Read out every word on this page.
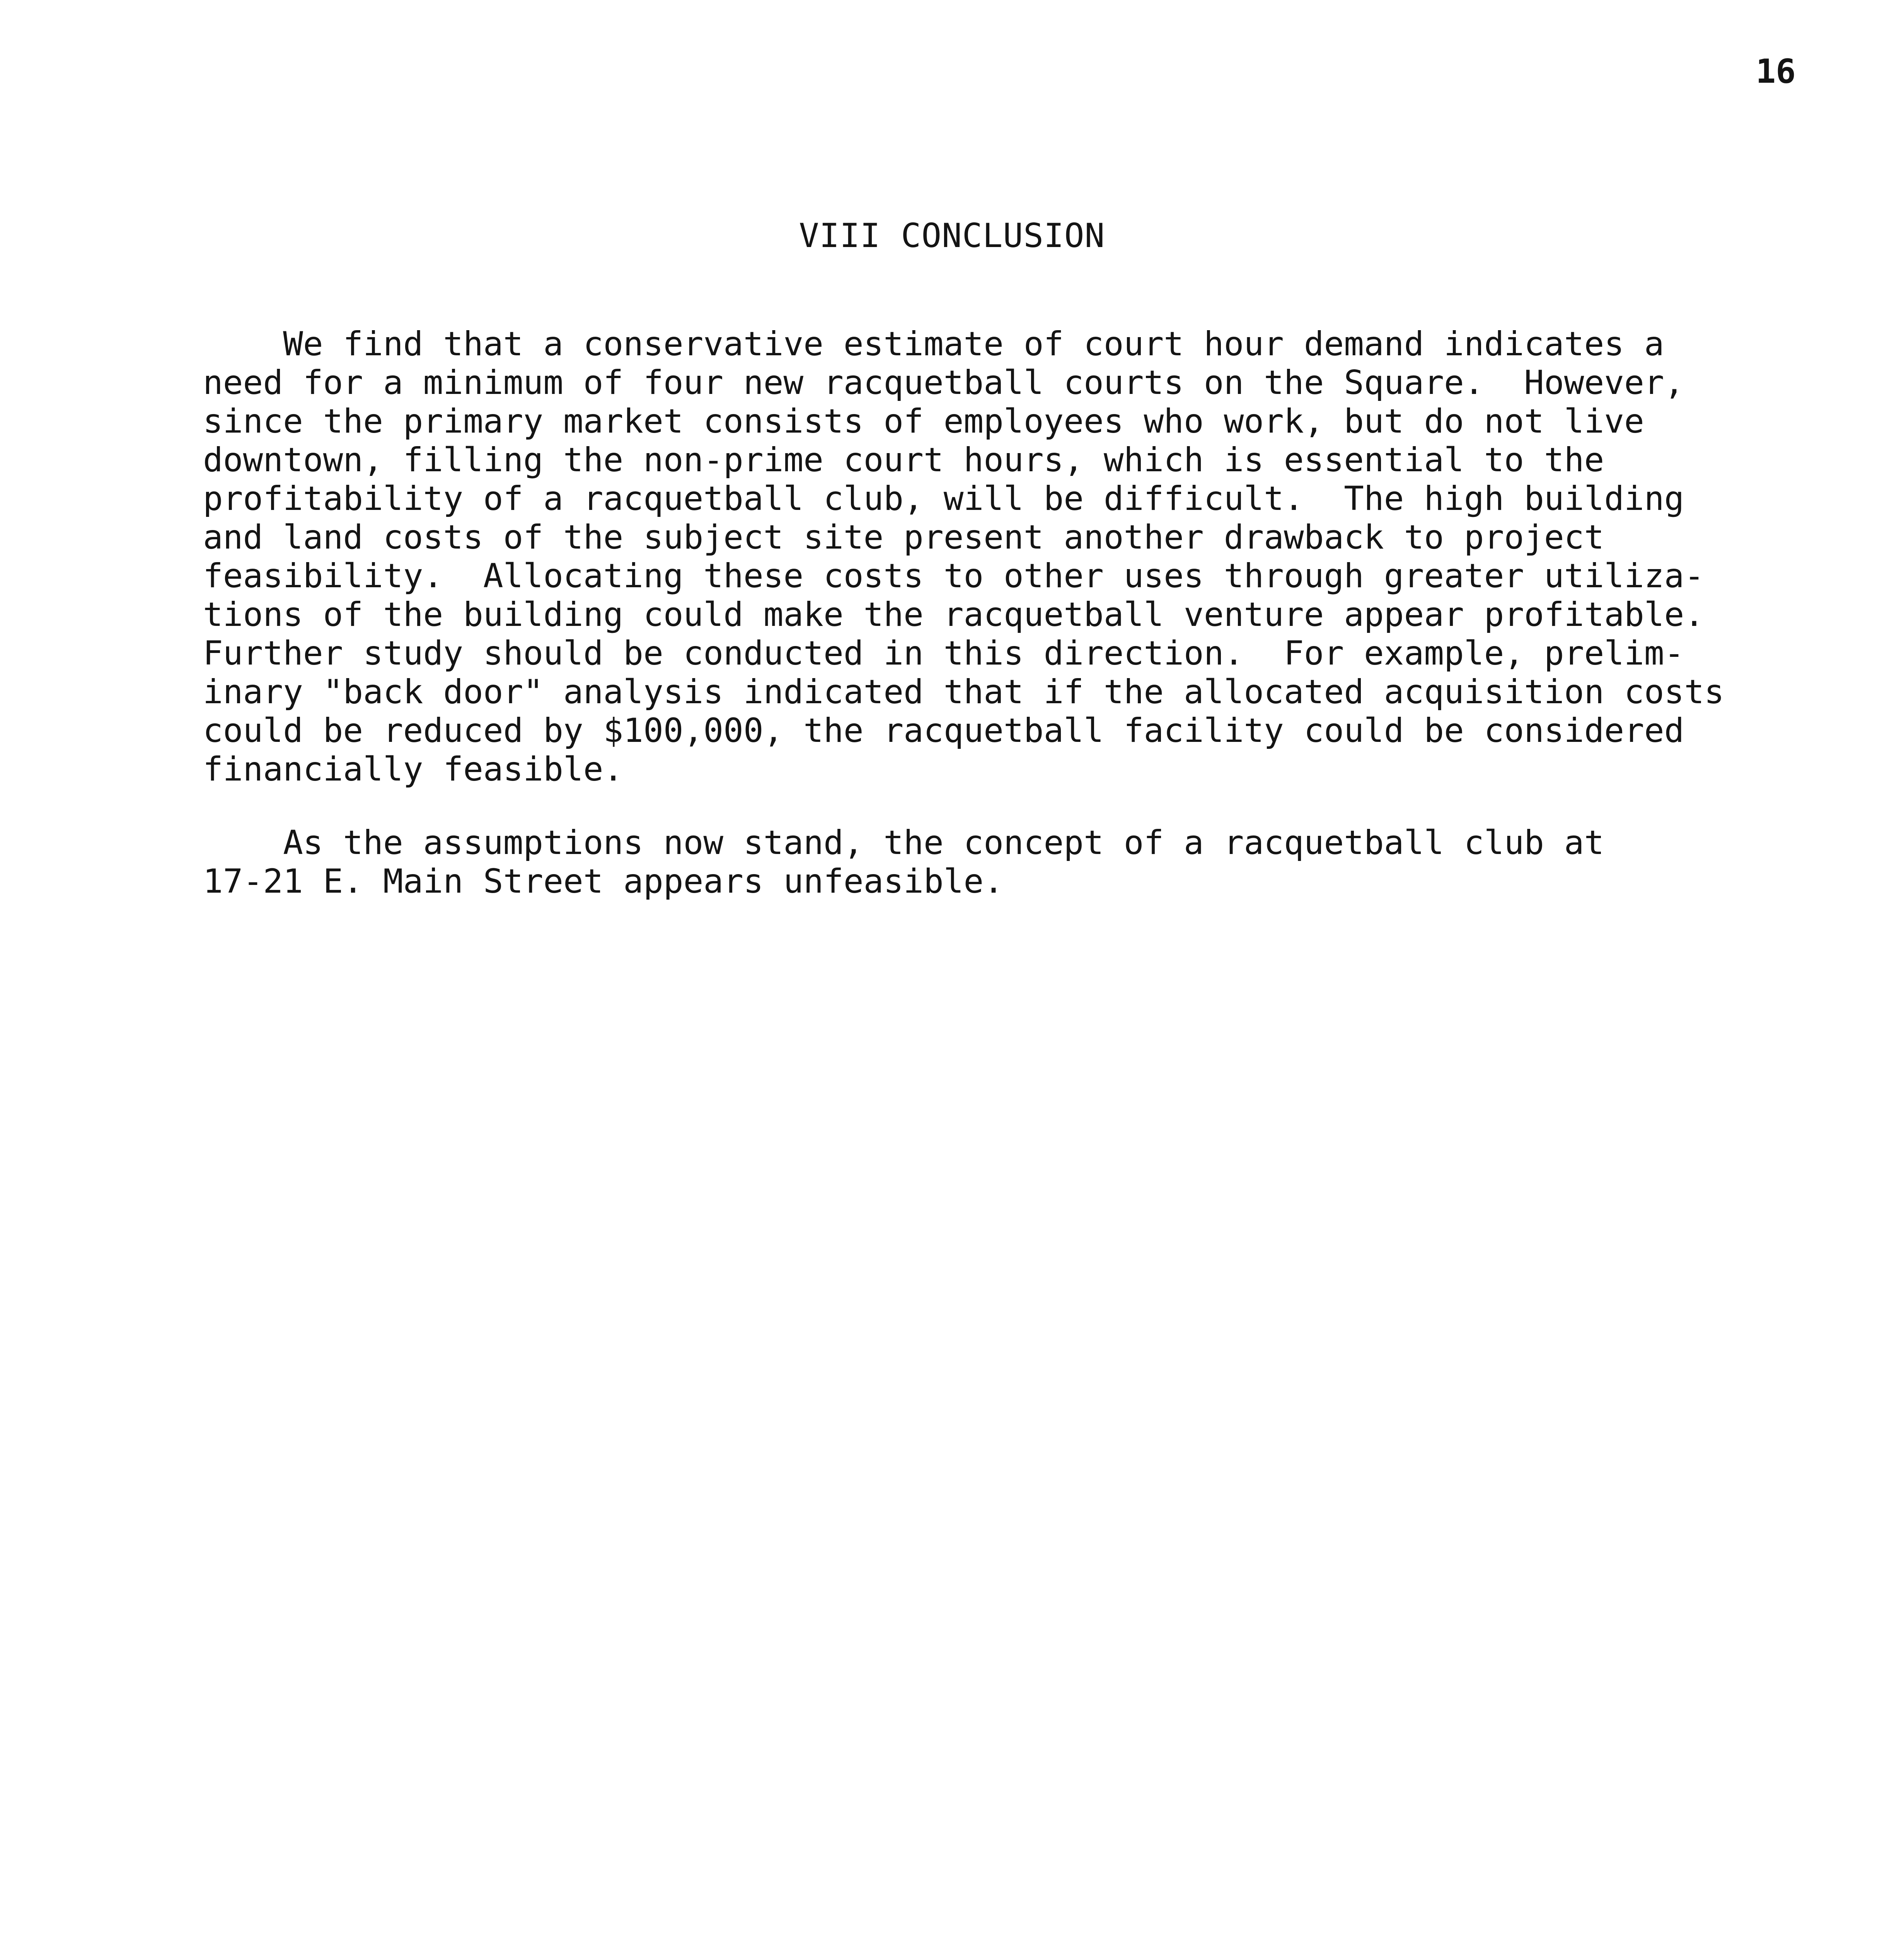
16
VIII CONCLUSION
We find that a conservative estimate of court hour demand indicates a
need for a minimum of four new racquetball courts on the Square.  However,
since the primary market consists of employees who work, but do not live
downtown, filling the non-prime court hours, which is essential to the
profitability of a racquetball club, will be difficult.  The high building
and land costs of the subject site present another drawback to project
feasibility.  Allocating these costs to other uses through greater utiliza-
tions of the building could make the racquetball venture appear profitable.
Further study should be conducted in this direction.  For example, prelim-
inary "back door" analysis indicated that if the allocated acquisition costs
could be reduced by $100,000, the racquetball facility could be considered
financially feasible.
As the assumptions now stand, the concept of a racquetball club at
17-21 E. Main Street appears unfeasible.
